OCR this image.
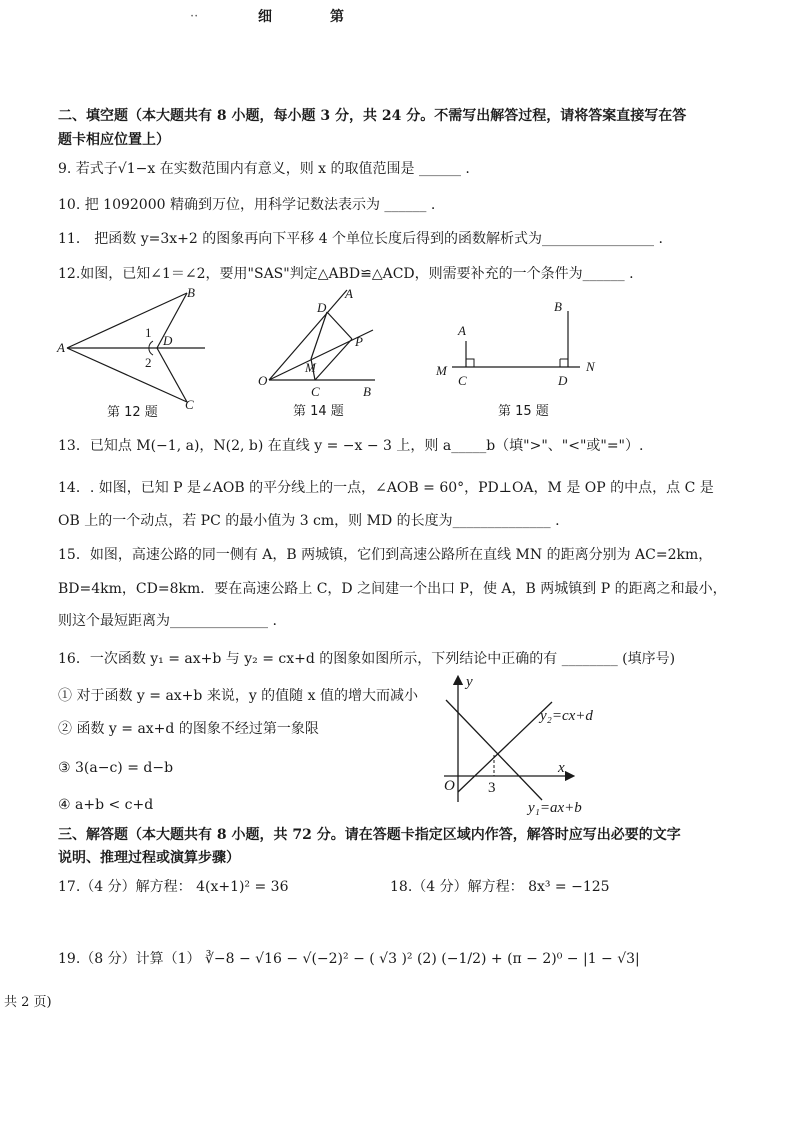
··	细	第
二、填空题（本大题共有 8 小题，每小题 3 分，共 24 分。不需写出解答过程，请将答案直接写在答
题卡相应位置上）
9. 若式子√1−x 在实数范围内有意义，则 x 的取值范围是 ______ .
10. 把 1092000 精确到万位，用科学记数法表示为 ______ .
11． 把函数 y=3x+2 的图象再向下平移 4 个单位长度后得到的函数解析式为________________ .
12.如图，已知∠1＝∠2，要用"SAS"判定△ABD≌△ACD，则需要补充的一个条件为______ .
A
B
C
D
1
2
第 12 题
O
A
B
C
D
M
P
第 14 题
A
B
C	D
M	N
第 15 题
13．已知点 M(−1, a)，N(2, b) 在直线 y = −x − 3 上，则 a_____b（填">"、"<"或"="）.
14．. 如图，已知 P 是∠AOB 的平分线上的一点，∠AOB = 60°，PD⊥OA，M 是 OP 的中点，点 C 是
OB 上的一个动点，若 PC 的最小值为 3 cm，则 MD 的长度为______________ .
15．如图，高速公路的同一侧有 A，B 两城镇，它们到高速公路所在直线 MN 的距离分别为 AC=2km，
BD=4km，CD=8km．要在高速公路上 C，D 之间建一个出口 P，使 A，B 两城镇到 P 的距离之和最小，
则这个最短距离为______________ .
16．一次函数 y₁ = ax+b 与 y₂ = cx+d 的图象如图所示，下列结论中正确的有 ________ (填序号)
① 对于函数 y = ax+b 来说，y 的值随 x 值的增大而减小
② 函数 y = ax+d 的图象不经过第一象限
③ 3(a−c) = d−b
④ a+b < c+d
y
x
O 3
y₂=cx+d
y₁=ax+b
三、解答题（本大题共有 8 小题，共 72 分。请在答题卡指定区域内作答，解答时应写出必要的文字
说明、推理过程或演算步骤）
17.（4 分）解方程： 4(x+1)² = 36	18.（4 分）解方程： 8x³ = −125
19.（8 分）计算（1） ∛−8 − √16 − √(−2)² − ( √3 )² (2) (−1/2) + (π − 2)⁰ − |1 − √3|
共 2 页)
